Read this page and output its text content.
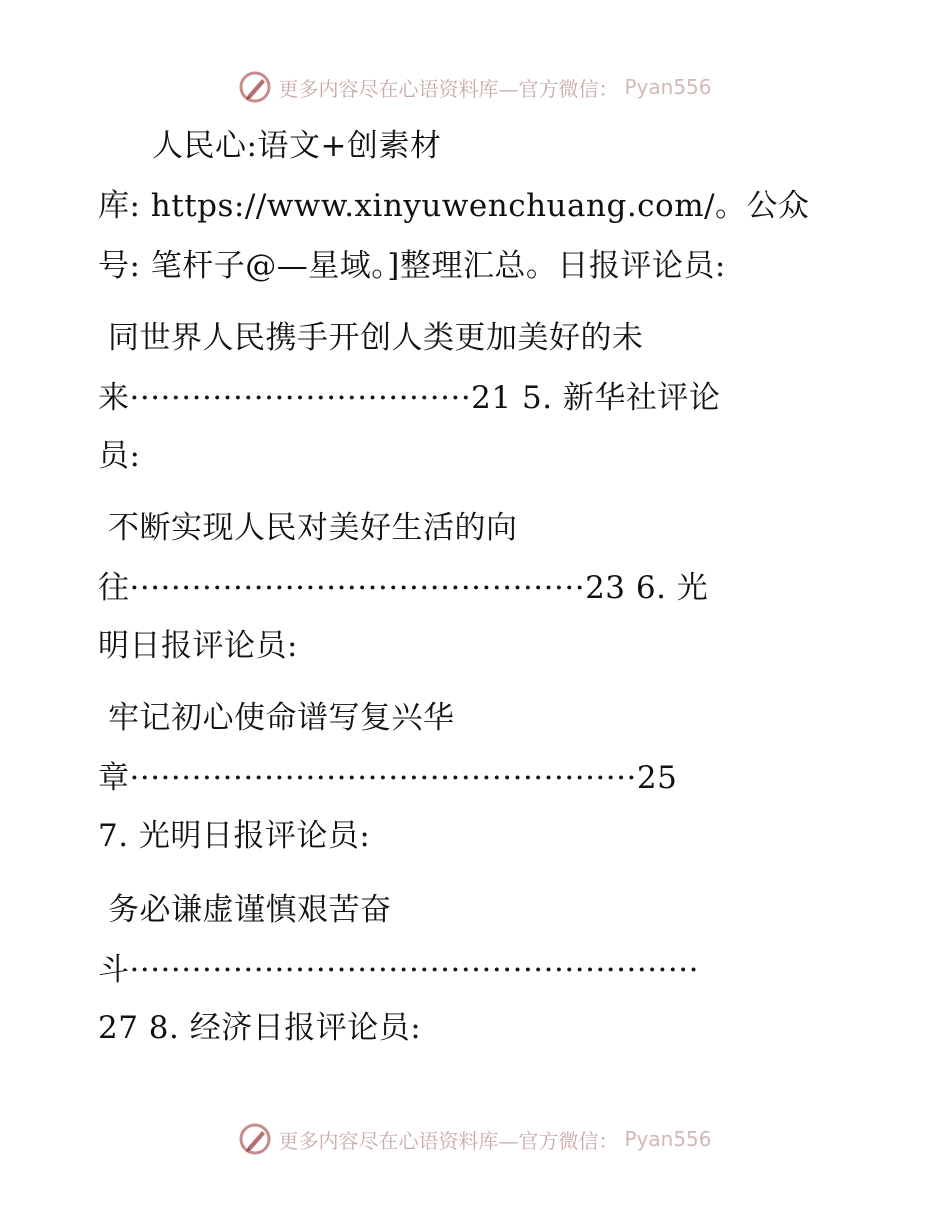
更多内容尽在心语资料库—官方微信： Pyan556
人民心:语文+创素材
库: https://www.xinyuwenchuang.com/。公众
号: 笔杆子@—星域。]整理汇总。日报评论员:
同世界人民携手开创人类更加美好的未
来·································21 5. 新华社评论
员:
不断实现人民对美好生活的向
往············································23 6. 光
明日报评论员:
牢记初心使命谱写复兴华
章·················································25
7. 光明日报评论员:
务必谦虚谨慎艰苦奋
斗·······················································
27 8. 经济日报评论员:
更多内容尽在心语资料库—官方微信： Pyan556
